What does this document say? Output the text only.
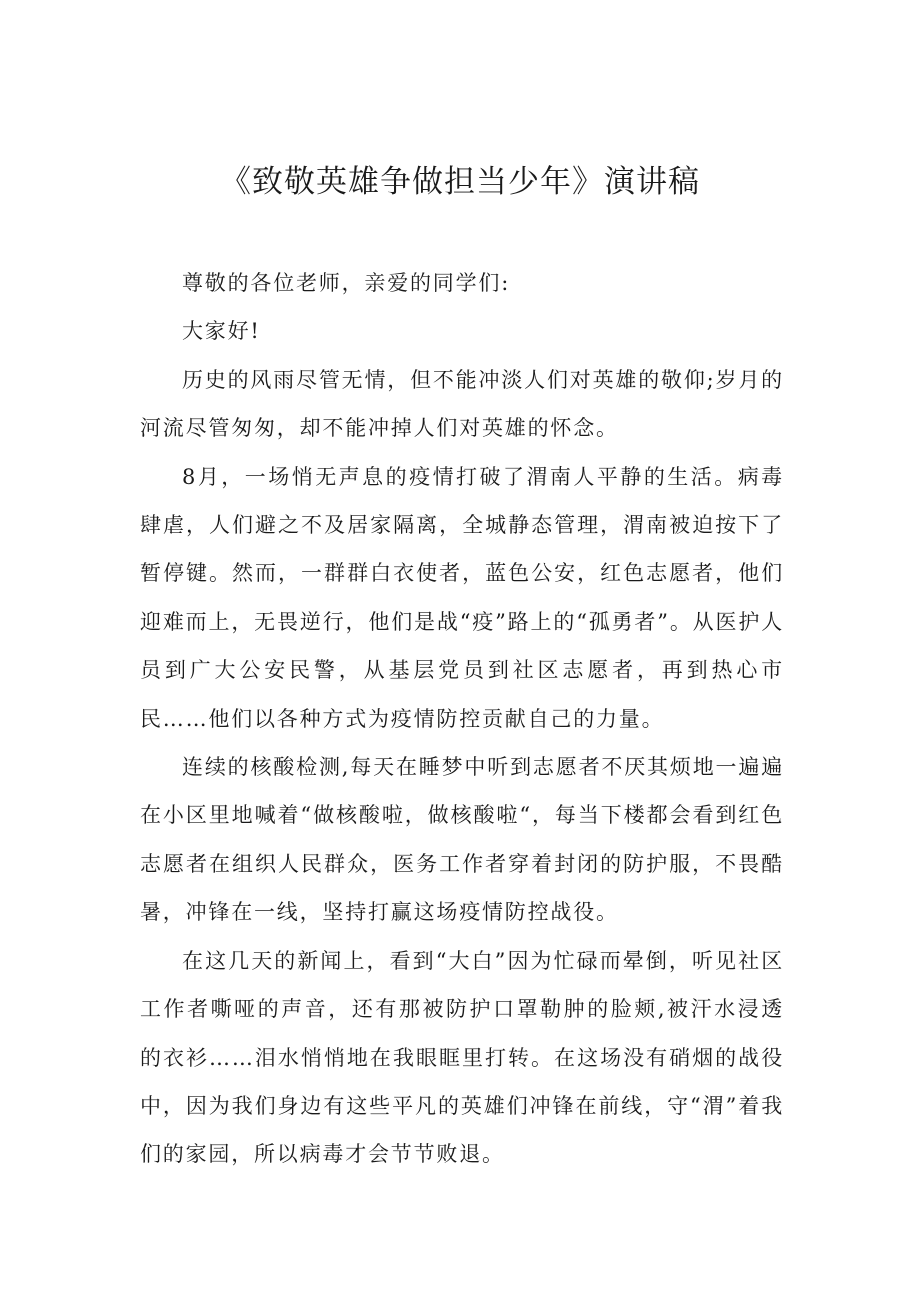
《致敬英雄争做担当少年》演讲稿

尊敬的各位老师，亲爱的同学们:

大家好!

历史的风雨尽管无情，但不能冲淡人们对英雄的敬仰;岁月的河流尽管匆匆，却不能冲掉人们对英雄的怀念。

8月，一场悄无声息的疫情打破了渭南人平静的生活。病毒肆虐，人们避之不及居家隔离，全城静态管理，渭南被迫按下了暂停键。然而，一群群白衣使者，蓝色公安，红色志愿者，他们迎难而上，无畏逆行，他们是战“疫”路上的“孤勇者”。从医护人员到广大公安民警，从基层党员到社区志愿者，再到热心市民……他们以各种方式为疫情防控贡献自己的力量。

连续的核酸检测,每天在睡梦中听到志愿者不厌其烦地一遍遍在小区里地喊着“做核酸啦，做核酸啦“，每当下楼都会看到红色志愿者在组织人民群众，医务工作者穿着封闭的防护服，不畏酷暑，冲锋在一线，坚持打赢这场疫情防控战役。

在这几天的新闻上，看到“大白”因为忙碌而晕倒，听见社区工作者嘶哑的声音，还有那被防护口罩勒肿的脸颊,被汗水浸透的衣衫……泪水悄悄地在我眼眶里打转。在这场没有硝烟的战役中，因为我们身边有这些平凡的英雄们冲锋在前线，守“渭”着我们的家园，所以病毒才会节节败退。
